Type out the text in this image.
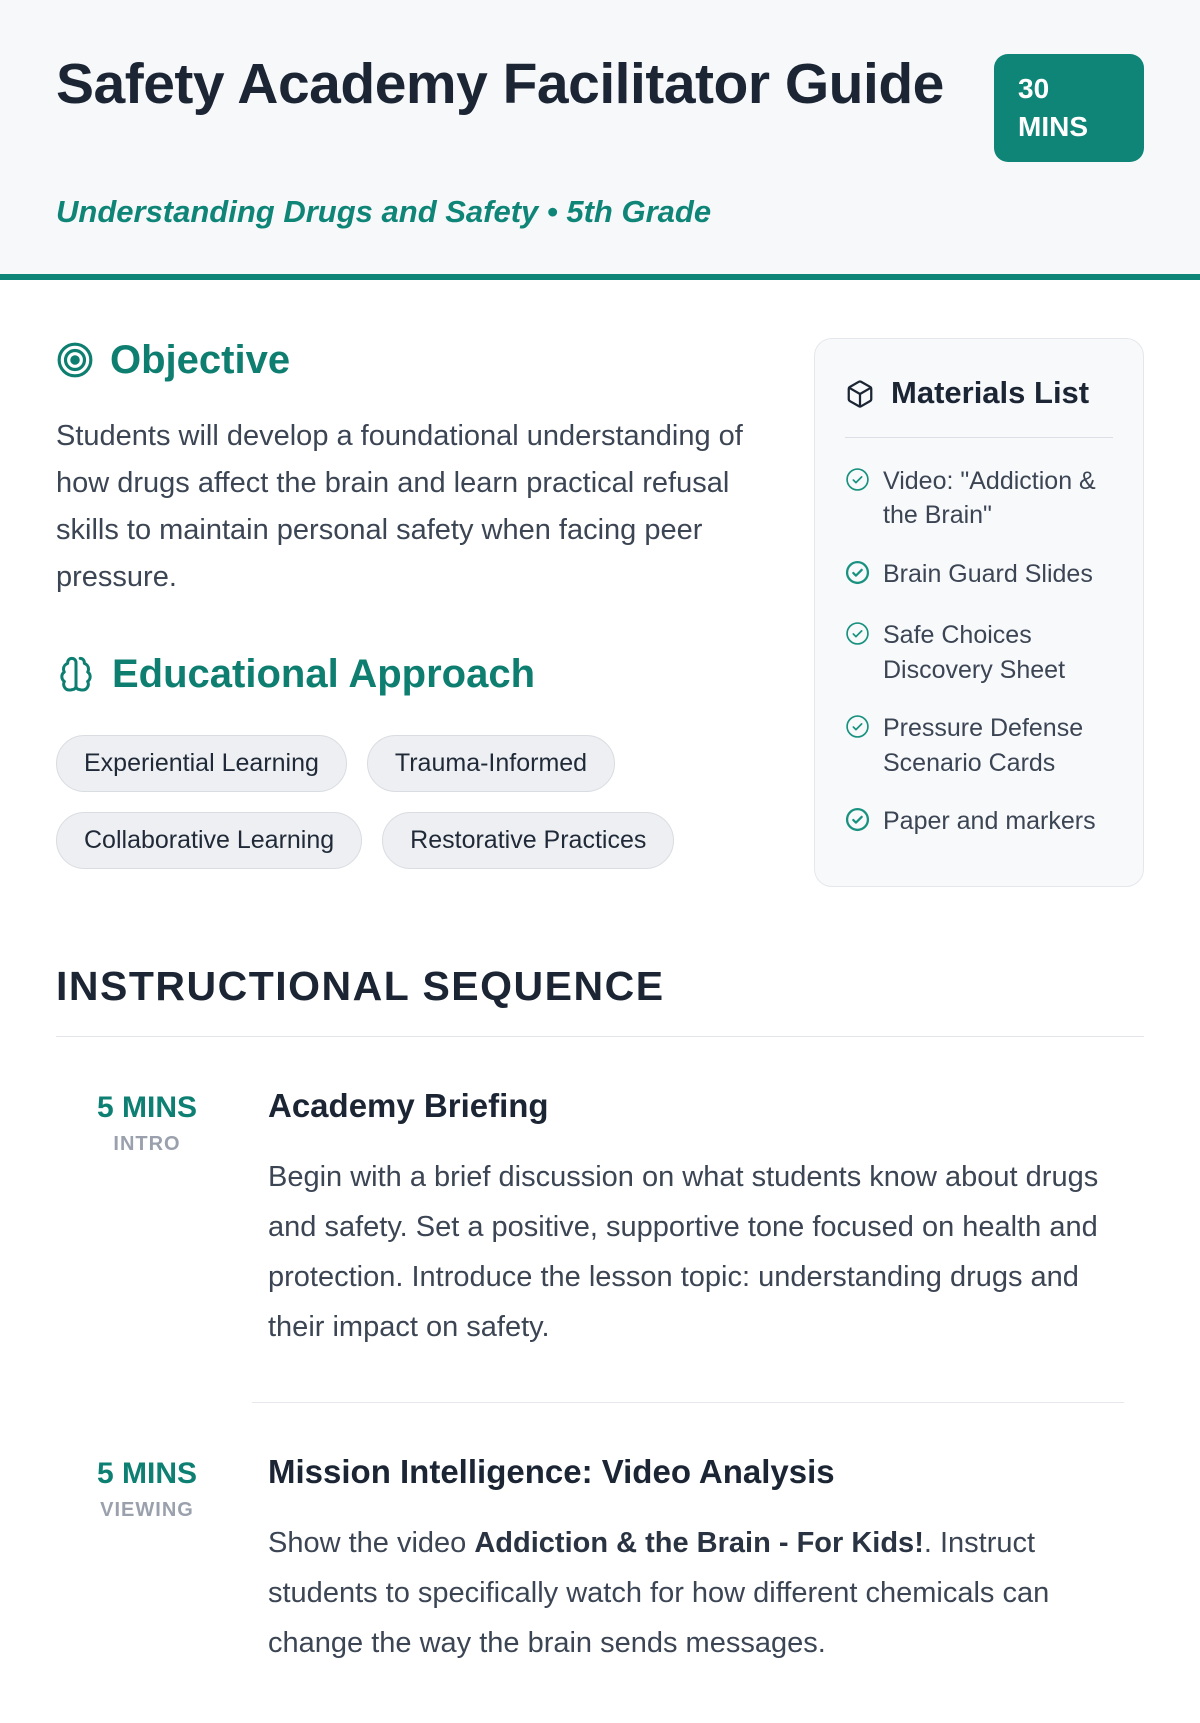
Safety Academy Facilitator Guide	30 MINS
Understanding Drugs and Safety • 5th Grade
Objective

Students will develop a foundational understanding of how drugs affect the brain and learn practical refusal skills to maintain personal safety when facing peer pressure.

Educational Approach
Experiential Learning	Trauma-Informed
Collaborative Learning	Restorative Practices
Materials List
Video: "Addiction & the Brain"
Brain Guard Slides
Safe Choices Discovery Sheet
Pressure Defense Scenario Cards
Paper and markers
INSTRUCTIONAL SEQUENCE
5 MINS
INTRO
Academy Briefing

Begin with a brief discussion on what students know about drugs and safety. Set a positive, supportive tone focused on health and protection. Introduce the lesson topic: understanding drugs and their impact on safety.

5 MINS
VIEWING
Mission Intelligence: Video Analysis

Show the video Addiction & the Brain - For Kids!. Instruct students to specifically watch for how different chemicals can change the way the brain sends messages.
